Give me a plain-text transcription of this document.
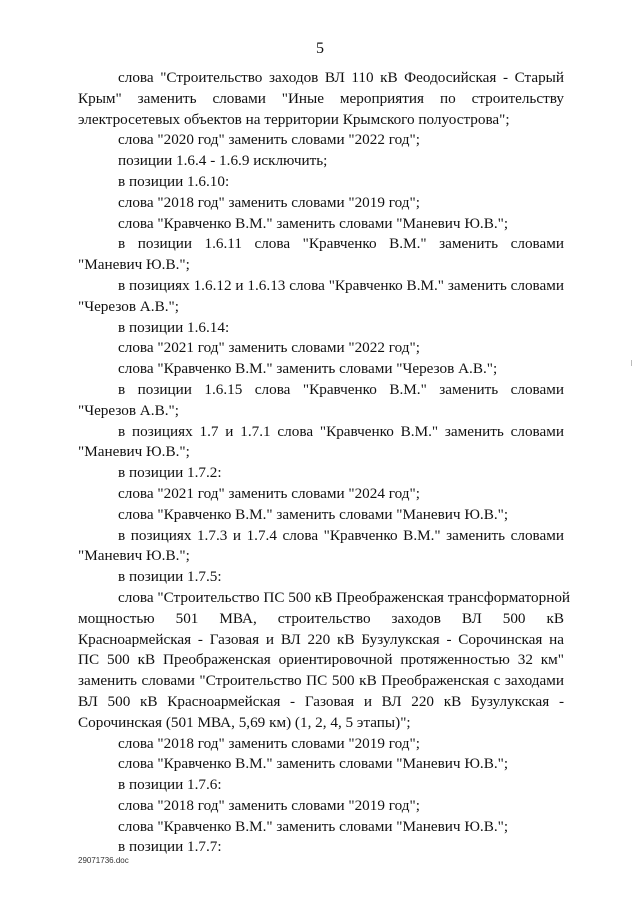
5
слова "Строительство заходов ВЛ 110 кВ Феодосийская - Старый
Крым" заменить словами "Иные мероприятия по строительству
электросетевых объектов на территории Крымского полуострова";
слова "2020 год" заменить словами "2022 год";
позиции 1.6.4 - 1.6.9 исключить;
в позиции 1.6.10:
слова "2018 год" заменить словами "2019 год";
слова "Кравченко В.М." заменить словами "Маневич Ю.В.";
в позиции 1.6.11 слова "Кравченко В.М." заменить словами
"Маневич Ю.В.";
в позициях 1.6.12 и 1.6.13 слова "Кравченко В.М." заменить словами
"Черезов А.В.";
в позиции 1.6.14:
слова "2021 год" заменить словами "2022 год";
слова "Кравченко В.М." заменить словами "Черезов А.В.";
в позиции 1.6.15 слова "Кравченко В.М." заменить словами
"Черезов А.В.";
в позициях 1.7 и 1.7.1 слова "Кравченко В.М." заменить словами
"Маневич Ю.В.";
в позиции 1.7.2:
слова "2021 год" заменить словами "2024 год";
слова "Кравченко В.М." заменить словами "Маневич Ю.В.";
в позициях 1.7.3 и 1.7.4 слова "Кравченко В.М." заменить словами
"Маневич Ю.В.";
в позиции 1.7.5:
слова "Строительство ПС 500 кВ Преображенская трансформаторной
мощностью 501 МВА, строительство заходов ВЛ 500 кВ
Красноармейская - Газовая и ВЛ 220 кВ Бузулукская - Сорочинская на
ПС 500 кВ Преображенская ориентировочной протяженностью 32 км"
заменить словами "Строительство ПС 500 кВ Преображенская с заходами
ВЛ 500 кВ Красноармейская - Газовая и ВЛ 220 кВ Бузулукская -
Сорочинская (501 МВА, 5,69 км) (1, 2, 4, 5 этапы)";
слова "2018 год" заменить словами "2019 год";
слова "Кравченко В.М." заменить словами "Маневич Ю.В.";
в позиции 1.7.6:
слова "2018 год" заменить словами "2019 год";
слова "Кравченко В.М." заменить словами "Маневич Ю.В.";
в позиции 1.7.7:
29071736.doc
